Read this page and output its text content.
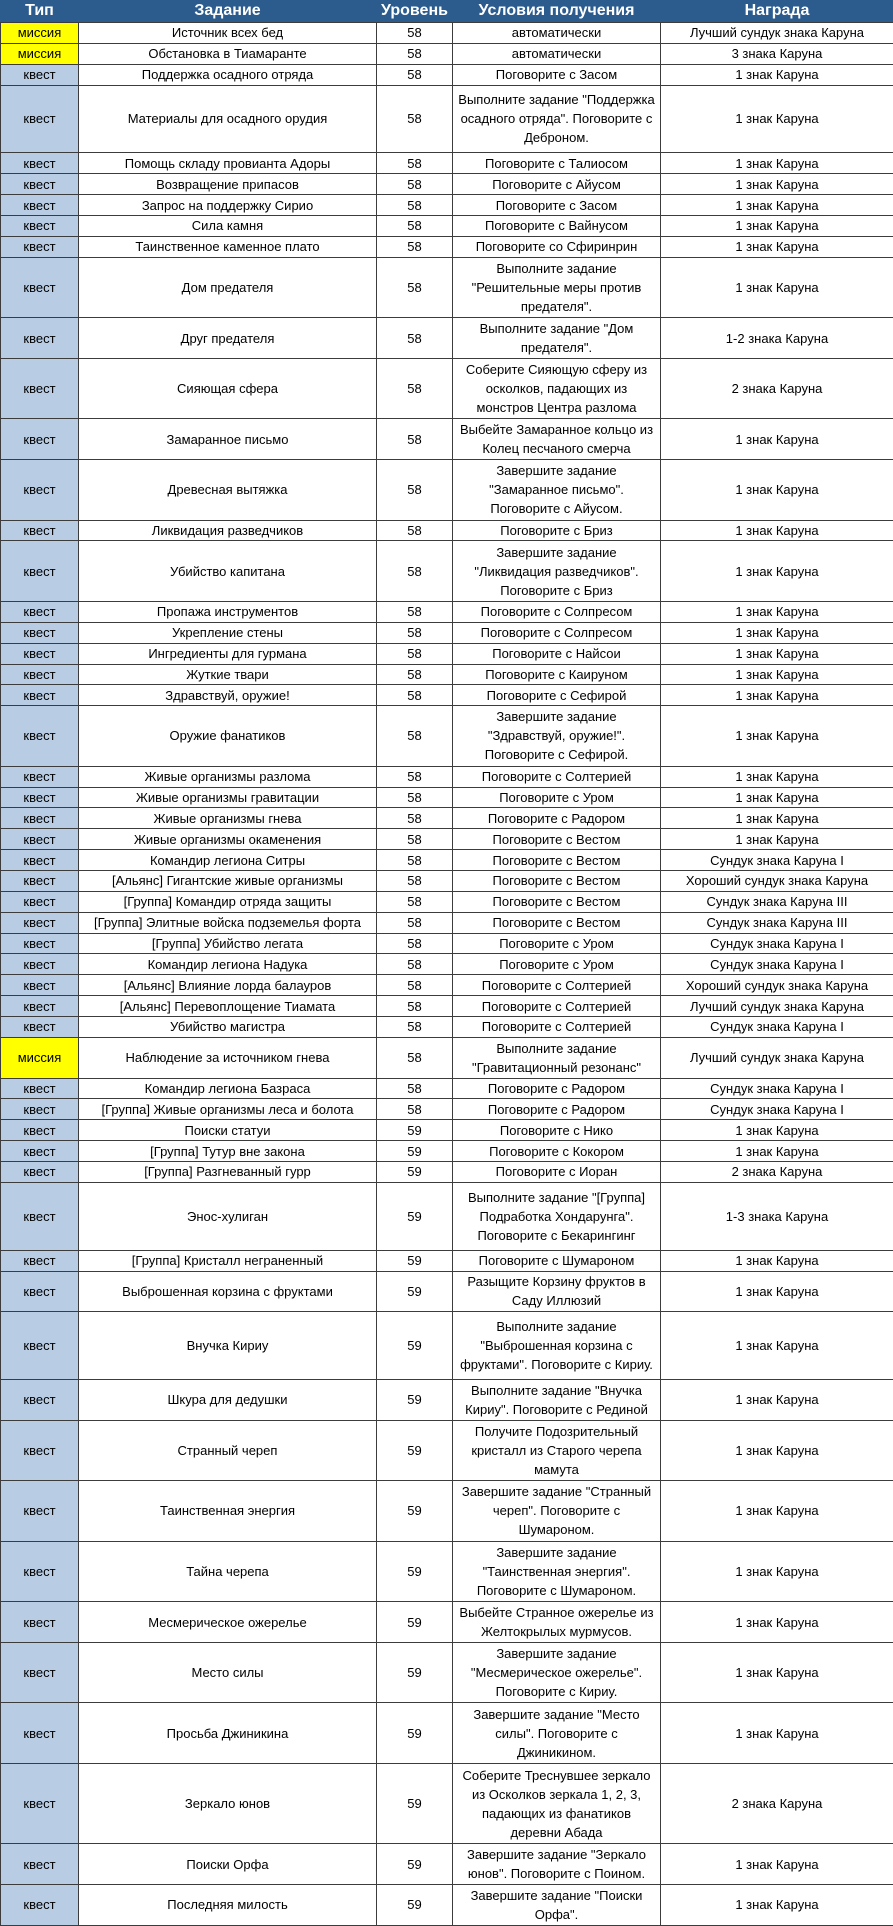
Тип	Задание	Уровень	Условия получения	Награда
миссия	Источник всех бед	58	автоматически	Лучший сундук знака Каруна
миссия	Обстановка в Тиамаранте	58	автоматически	3 знака Каруна
квест	Поддержка осадного отряда	58	Поговорите с Засом	1 знак Каруна
квест	Материалы для осадного орудия	58	Выполните задание "Поддержка осадного отряда". Поговорите с Деброном.	1 знак Каруна
квест	Помощь складу провианта Адоры	58	Поговорите с Талиосом	1 знак Каруна
квест	Возвращение припасов	58	Поговорите с Айусом	1 знак Каруна
квест	Запрос на поддержку Сирио	58	Поговорите с Засом	1 знак Каруна
квест	Сила камня	58	Поговорите с Вайнусом	1 знак Каруна
квест	Таинственное каменное плато	58	Поговорите со Сфиринрин	1 знак Каруна
квест	Дом предателя	58	Выполните задание "Решительные меры против предателя".	1 знак Каруна
квест	Друг предателя	58	Выполните задание "Дом предателя".	1-2 знака Каруна
квест	Сияющая сфера	58	Соберите Сияющую сферу из осколков, падающих из монстров Центра разлома	2 знака Каруна
квест	Замаранное письмо	58	Выбейте Замаранное кольцо из Колец песчаного смерча	1 знак Каруна
квест	Древесная вытяжка	58	Завершите задание "Замаранное письмо". Поговорите с Айусом.	1 знак Каруна
квест	Ликвидация разведчиков	58	Поговорите с Бриз	1 знак Каруна
квест	Убийство капитана	58	Завершите задание "Ликвидация разведчиков". Поговорите с Бриз	1 знак Каруна
квест	Пропажа инструментов	58	Поговорите с Солпресом	1 знак Каруна
квест	Укрепление стены	58	Поговорите с Солпресом	1 знак Каруна
квест	Ингредиенты для гурмана	58	Поговорите с Найсои	1 знак Каруна
квест	Жуткие твари	58	Поговорите с Каируном	1 знак Каруна
квест	Здравствуй, оружие!	58	Поговорите с Сефирой	1 знак Каруна
квест	Оружие фанатиков	58	Завершите задание "Здравствуй, оружие!". Поговорите с Сефирой.	1 знак Каруна
квест	Живые организмы разлома	58	Поговорите с Солтерией	1 знак Каруна
квест	Живые организмы гравитации	58	Поговорите с Уром	1 знак Каруна
квест	Живые организмы гнева	58	Поговорите с Радором	1 знак Каруна
квест	Живые организмы окаменения	58	Поговорите с Вестом	1 знак Каруна
квест	Командир легиона Ситры	58	Поговорите с Вестом	Сундук знака Каруна I
квест	[Альянс] Гигантские живые организмы	58	Поговорите с Вестом	Хороший сундук знака Каруна
квест	[Группа] Командир отряда защиты	58	Поговорите с Вестом	Сундук знака Каруна III
квест	[Группа] Элитные войска подземелья форта	58	Поговорите с Вестом	Сундук знака Каруна III
квест	[Группа] Убийство легата	58	Поговорите с Уром	Сундук знака Каруна I
квест	Командир легиона Надука	58	Поговорите с Уром	Сундук знака Каруна I
квест	[Альянс] Влияние лорда балауров	58	Поговорите с Солтерией	Хороший сундук знака Каруна
квест	[Альянс] Перевоплощение Тиамата	58	Поговорите с Солтерией	Лучший сундук знака Каруна
квест	Убийство магистра	58	Поговорите с Солтерией	Сундук знака Каруна I
миссия	Наблюдение за источником гнева	58	Выполните задание "Гравитационный резонанс"	Лучший сундук знака Каруна
квест	Командир легиона Базраса	58	Поговорите с Радором	Сундук знака Каруна I
квест	[Группа] Живые организмы леса и болота	58	Поговорите с Радором	Сундук знака Каруна I
квест	Поиски статуи	59	Поговорите с Нико	1 знак Каруна
квест	[Группа] Тутур вне закона	59	Поговорите с Кокором	1 знак Каруна
квест	[Группа] Разгневанный гурр	59	Поговорите с Иоран	2 знака Каруна
квест	Энос-хулиган	59	Выполните задание "[Группа] Подработка Хондарунга". Поговорите с Бекарингинг	1-3 знака Каруна
квест	[Группа] Кристалл неграненный	59	Поговорите с Шумароном	1 знак Каруна
квест	Выброшенная корзина с фруктами	59	Разыщите Корзину фруктов в Саду Иллюзий	1 знак Каруна
квест	Внучка Кириу	59	Выполните задание "Выброшенная корзина с фруктами". Поговорите с Кириу.	1 знак Каруна
квест	Шкура для дедушки	59	Выполните задание "Внучка Кириу". Поговорите с Рединой	1 знак Каруна
квест	Странный череп	59	Получите Подозрительный кристалл из Старого черепа мамута	1 знак Каруна
квест	Таинственная энергия	59	Завершите задание "Странный череп". Поговорите с Шумароном.	1 знак Каруна
квест	Тайна черепа	59	Завершите задание "Таинственная энергия". Поговорите с Шумароном.	1 знак Каруна
квест	Месмерическое ожерелье	59	Выбейте Странное ожерелье из Желтокрылых мурмусов.	1 знак Каруна
квест	Место силы	59	Завершите задание "Месмерическое ожерелье". Поговорите с Кириу.	1 знак Каруна
квест	Просьба Джиникина	59	Завершите задание "Место силы". Поговорите с Джиникином.	1 знак Каруна
квест	Зеркало юнов	59	Соберите Треснувшее зеркало из Осколков зеркала 1, 2, 3, падающих из фанатиков деревни Абада	2 знака Каруна
квест	Поиски Орфа	59	Завершите задание "Зеркало юнов". Поговорите с Поином.	1 знак Каруна
квест	Последняя милость	59	Завершите задание "Поиски Орфа".	1 знак Каруна
